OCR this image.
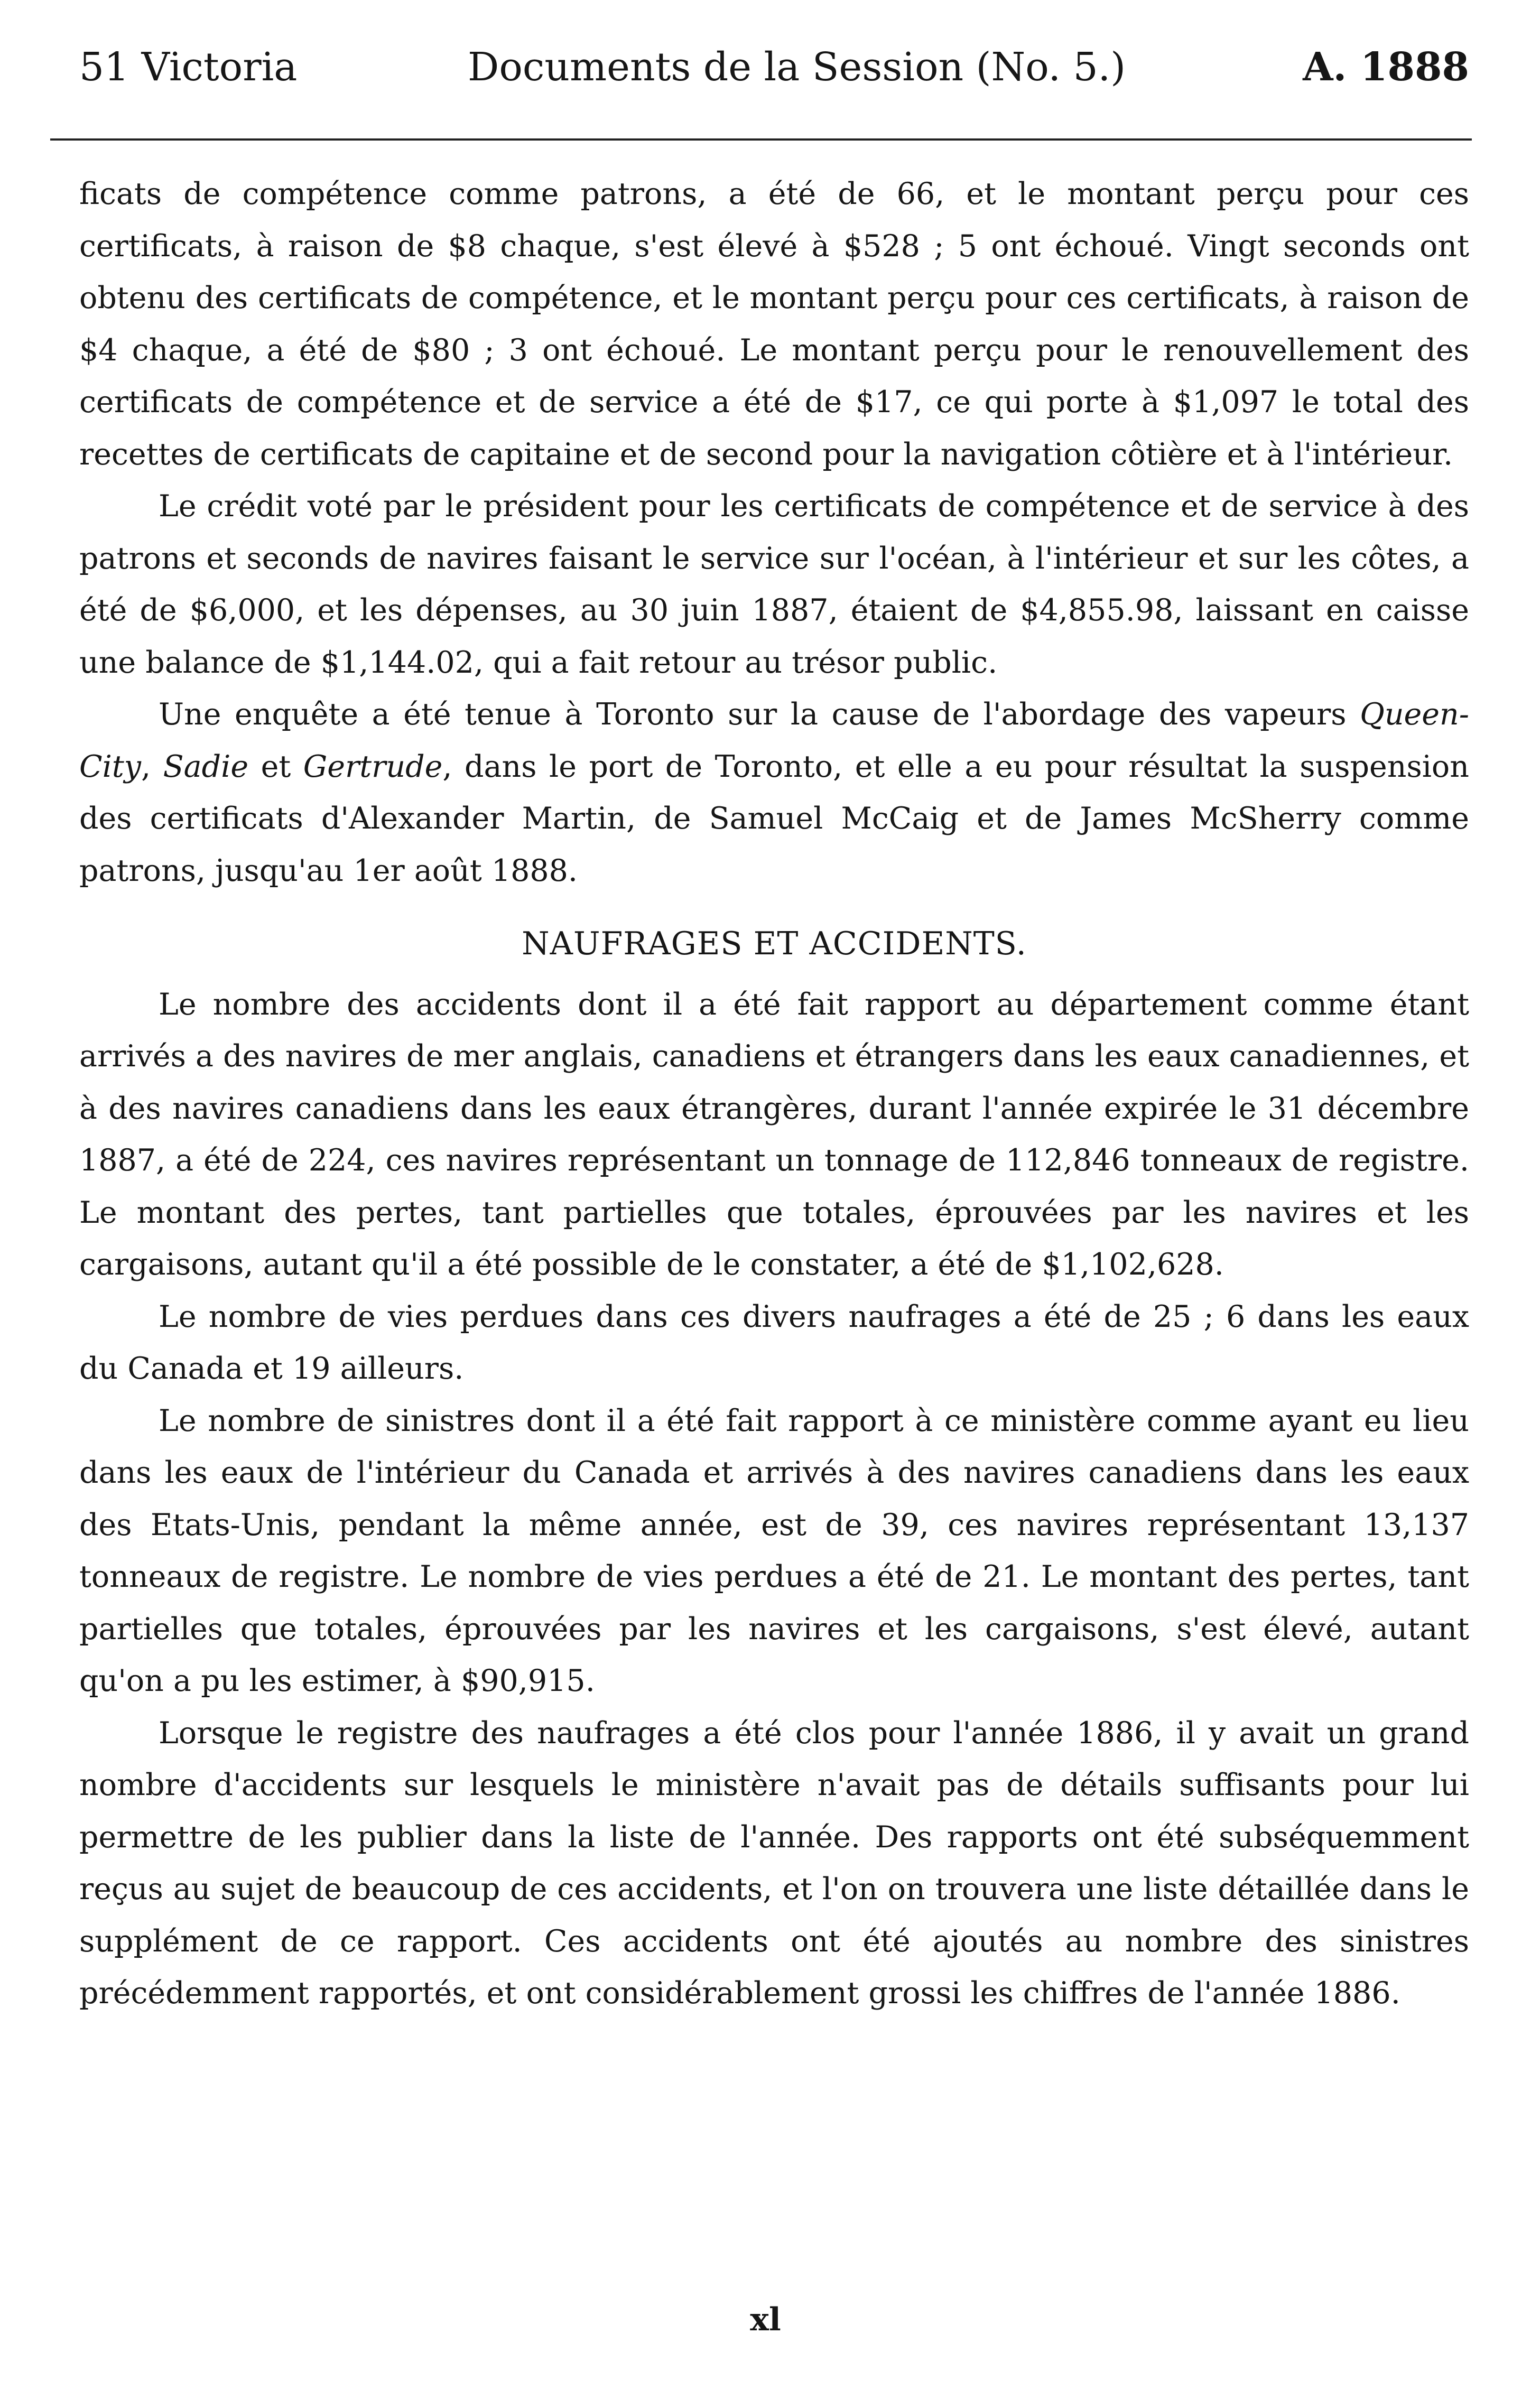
51 Victoria	Documents de la Session (No. 5.)	A. 1888

ficats de compétence comme patrons, a été de 66, et le montant perçu pour ces certificats, à raison de $8 chaque, s'est élevé à $528 ; 5 ont échoué. Vingt seconds ont obtenu des certificats de compétence, et le montant perçu pour ces certificats, à raison de $4 chaque, a été de $80 ; 3 ont échoué. Le montant perçu pour le renouvellement des certificats de compétence et de service a été de $17, ce qui porte à $1,097 le total des recettes de certificats de capitaine et de second pour la navigation côtière et à l'intérieur.

Le crédit voté par le président pour les certificats de compétence et de service à des patrons et seconds de navires faisant le service sur l'océan, à l'intérieur et sur les côtes, a été de $6,000, et les dépenses, au 30 juin 1887, étaient de $4,855.98, laissant en caisse une balance de $1,144.02, qui a fait retour au trésor public.

Une enquête a été tenue à Toronto sur la cause de l'abordage des vapeurs Queen-City, Sadie et Gertrude, dans le port de Toronto, et elle a eu pour résultat la suspension des certificats d'Alexander Martin, de Samuel McCaig et de James McSherry comme patrons, jusqu'au 1er août 1888.

NAUFRAGES ET ACCIDENTS.

Le nombre des accidents dont il a été fait rapport au département comme étant arrivés a des navires de mer anglais, canadiens et étrangers dans les eaux canadiennes, et à des navires canadiens dans les eaux étrangères, durant l'année expirée le 31 décembre 1887, a été de 224, ces navires représentant un tonnage de 112,846 tonneaux de registre. Le montant des pertes, tant partielles que totales, éprouvées par les navires et les cargaisons, autant qu'il a été possible de le constater, a été de $1,102,628.

Le nombre de vies perdues dans ces divers naufrages a été de 25 ; 6 dans les eaux du Canada et 19 ailleurs.

Le nombre de sinistres dont il a été fait rapport à ce ministère comme ayant eu lieu dans les eaux de l'intérieur du Canada et arrivés à des navires canadiens dans les eaux des Etats-Unis, pendant la même année, est de 39, ces navires représentant 13,137 tonneaux de registre. Le nombre de vies perdues a été de 21. Le montant des pertes, tant partielles que totales, éprouvées par les navires et les cargaisons, s'est élevé, autant qu'on a pu les estimer, à $90,915.

Lorsque le registre des naufrages a été clos pour l'année 1886, il y avait un grand nombre d'accidents sur lesquels le ministère n'avait pas de détails suffisants pour lui permettre de les publier dans la liste de l'année. Des rapports ont été subséquemment reçus au sujet de beaucoup de ces accidents, et l'on on trouvera une liste détaillée dans le supplément de ce rapport. Ces accidents ont été ajoutés au nombre des sinistres précédemment rapportés, et ont considérablement grossi les chiffres de l'année 1886.

xl
